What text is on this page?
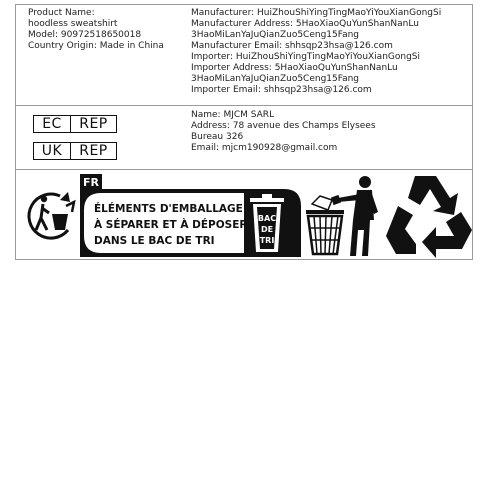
Product Name:
hoodless sweatshirt
Model: 90972518650018
Country Origin: Made in China
Manufacturer: HuiZhouShiYingTingMaoYiYouXianGongSi
Manufacturer Address: 5HaoXiaoQuYunShanNanLu
3HaoMiLanYaJuQianZuo5Ceng15Fang
Manufacturer Email: shhsqp23hsa@126.com
Importer: HuiZhouShiYingTingMaoYiYouXianGongSi
Importer Address: 5HaoXiaoQuYunShanNanLu
3HaoMiLanYaJuQianZuo5Ceng15Fang
Importer Email: shhsqp23hsa@126.com
EC	REP
UK	REP
Name: MJCM SARL
Address: 78 avenue des Champs Elysees
Bureau 326
Email: mjcm190928@gmail.com
FR
ÉLÉMENTS D'EMBALLAGE
À SÉPARER ET À DÉPOSER
DANS LE BAC DE TRI
BAC
DE
TRI
